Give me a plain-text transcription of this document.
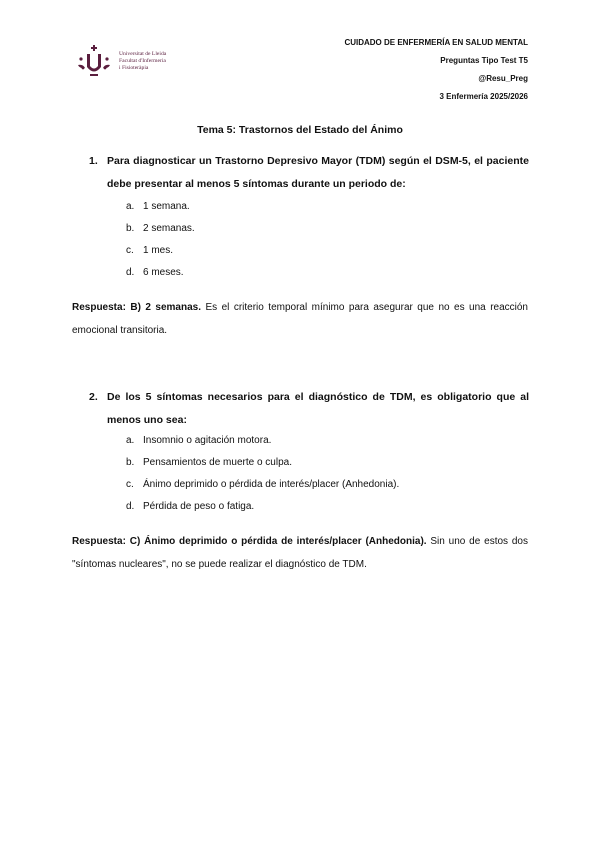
Universitat de Lleida
Facultat d'Infermeria
i Fisioteràpia
CUIDADO DE ENFERMERÍA EN SALUD MENTAL
Preguntas Tipo Test T5
@Resu_Preg
3 Enfermería 2025/2026
Tema 5: Trastornos del Estado del Ánimo
1. Para diagnosticar un Trastorno Depresivo Mayor (TDM) según el DSM-5, el paciente debe presentar al menos 5 síntomas durante un periodo de:
a. 1 semana.
b. 2 semanas.
c. 1 mes.
d. 6 meses.
Respuesta: B) 2 semanas. Es el criterio temporal mínimo para asegurar que no es una reacción emocional transitoria.
2. De los 5 síntomas necesarios para el diagnóstico de TDM, es obligatorio que al menos uno sea:
a. Insomnio o agitación motora.
b. Pensamientos de muerte o culpa.
c. Ánimo deprimido o pérdida de interés/placer (Anhedonia).
d. Pérdida de peso o fatiga.
Respuesta: C) Ánimo deprimido o pérdida de interés/placer (Anhedonia). Sin uno de estos dos "síntomas nucleares", no se puede realizar el diagnóstico de TDM.
